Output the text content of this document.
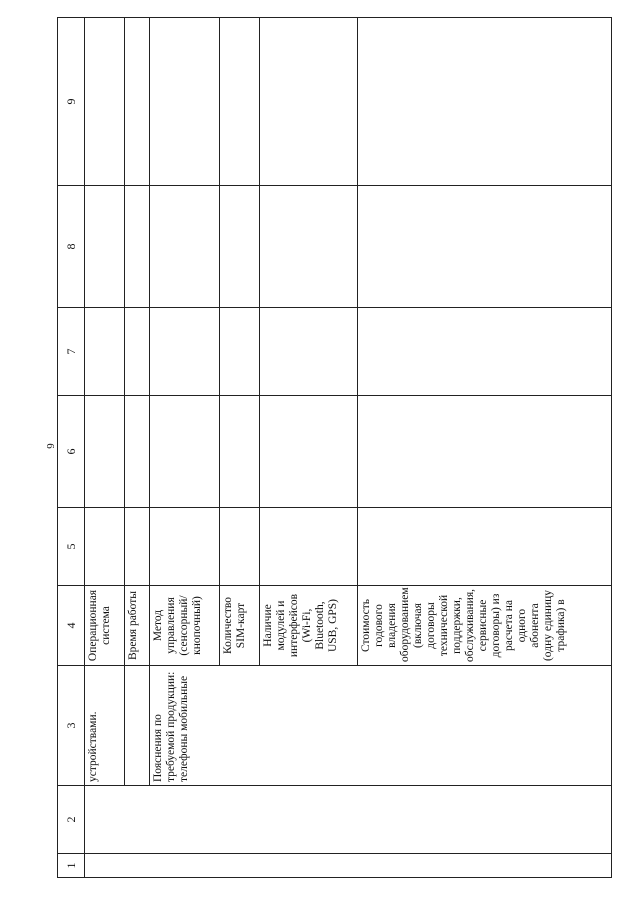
6
1	2	3	4	5	6	7	8	9
		устройствами.	Операционная система					
			Время работы					
		Пояснения по требуемой продукции: телефоны мобильные	Метод управления (сенсорный/ кнопочный)					
			Количество SIM-карт					
			Наличие модулей и интерфейсов (Wi-Fi, Bluetooth, USB, GPS)					
			Стоимость годового владения оборудованием (включая договоры технической поддержки, обслуживания, сервисные договоры) из расчета на одного абонента (одну единицу трафика) в					
